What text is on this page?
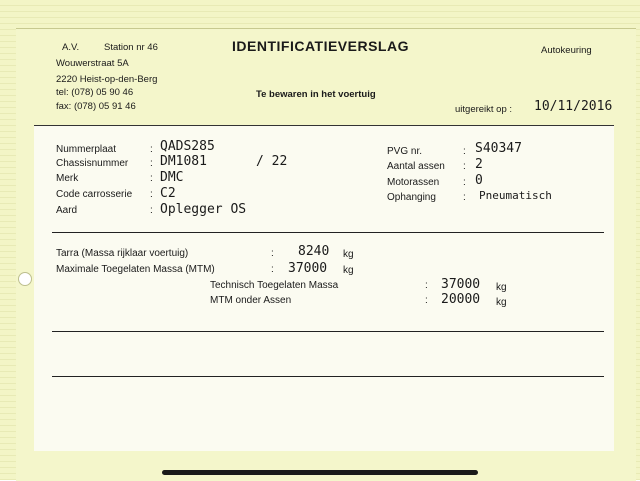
A.V.	Station nr 46
Wouwerstraat 5A
2220 Heist-op-den-Berg
tel: (078) 05 90 46
fax: (078) 05 91 46
IDENTIFICATIEVERSLAG
Te bewaren in het voertuig
Autokeuring
uitgereikt op : 10/11/2016
Nummerplaat
Chassisnummer
Merk
Code carrosserie
Aard
:
:
:
:
:
QADS285
DM1081	/ 22
DMC
C2
Oplegger OS
PVG nr.
Aantal assen
Motorassen
Ophanging
:
:
:
:
S40347
2
0
Pneumatisch
Tarra (Massa rijklaar voertuig)
Maximale Toegelaten Massa (MTM)
Technisch Toegelaten Massa
MTM onder Assen
:
:
:
:
8240
37000
37000
20000
kg
kg
kg
kg
